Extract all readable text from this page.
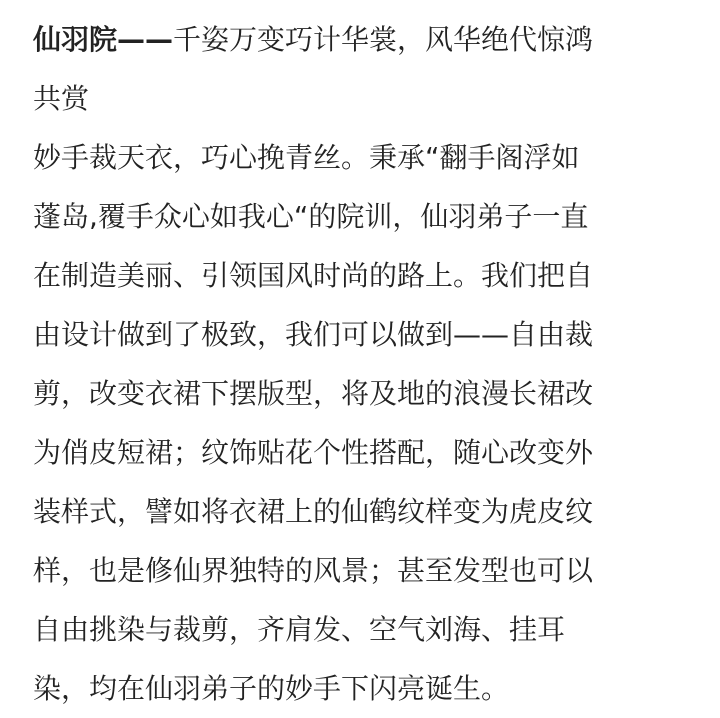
仙羽院——千姿万变巧计华裳，风华绝代惊鸿
共赏
妙手裁天衣，巧心挽青丝。秉承“翻手阁浮如
蓬岛,覆手众心如我心“的院训，仙羽弟子一直
在制造美丽、引领国风时尚的路上。我们把自
由设计做到了极致，我们可以做到——自由裁
剪，改变衣裙下摆版型，将及地的浪漫长裙改
为俏皮短裙；纹饰贴花个性搭配，随心改变外
装样式，譬如将衣裙上的仙鹤纹样变为虎皮纹
样，也是修仙界独特的风景；甚至发型也可以
自由挑染与裁剪，齐肩发、空气刘海、挂耳
染，均在仙羽弟子的妙手下闪亮诞生。
